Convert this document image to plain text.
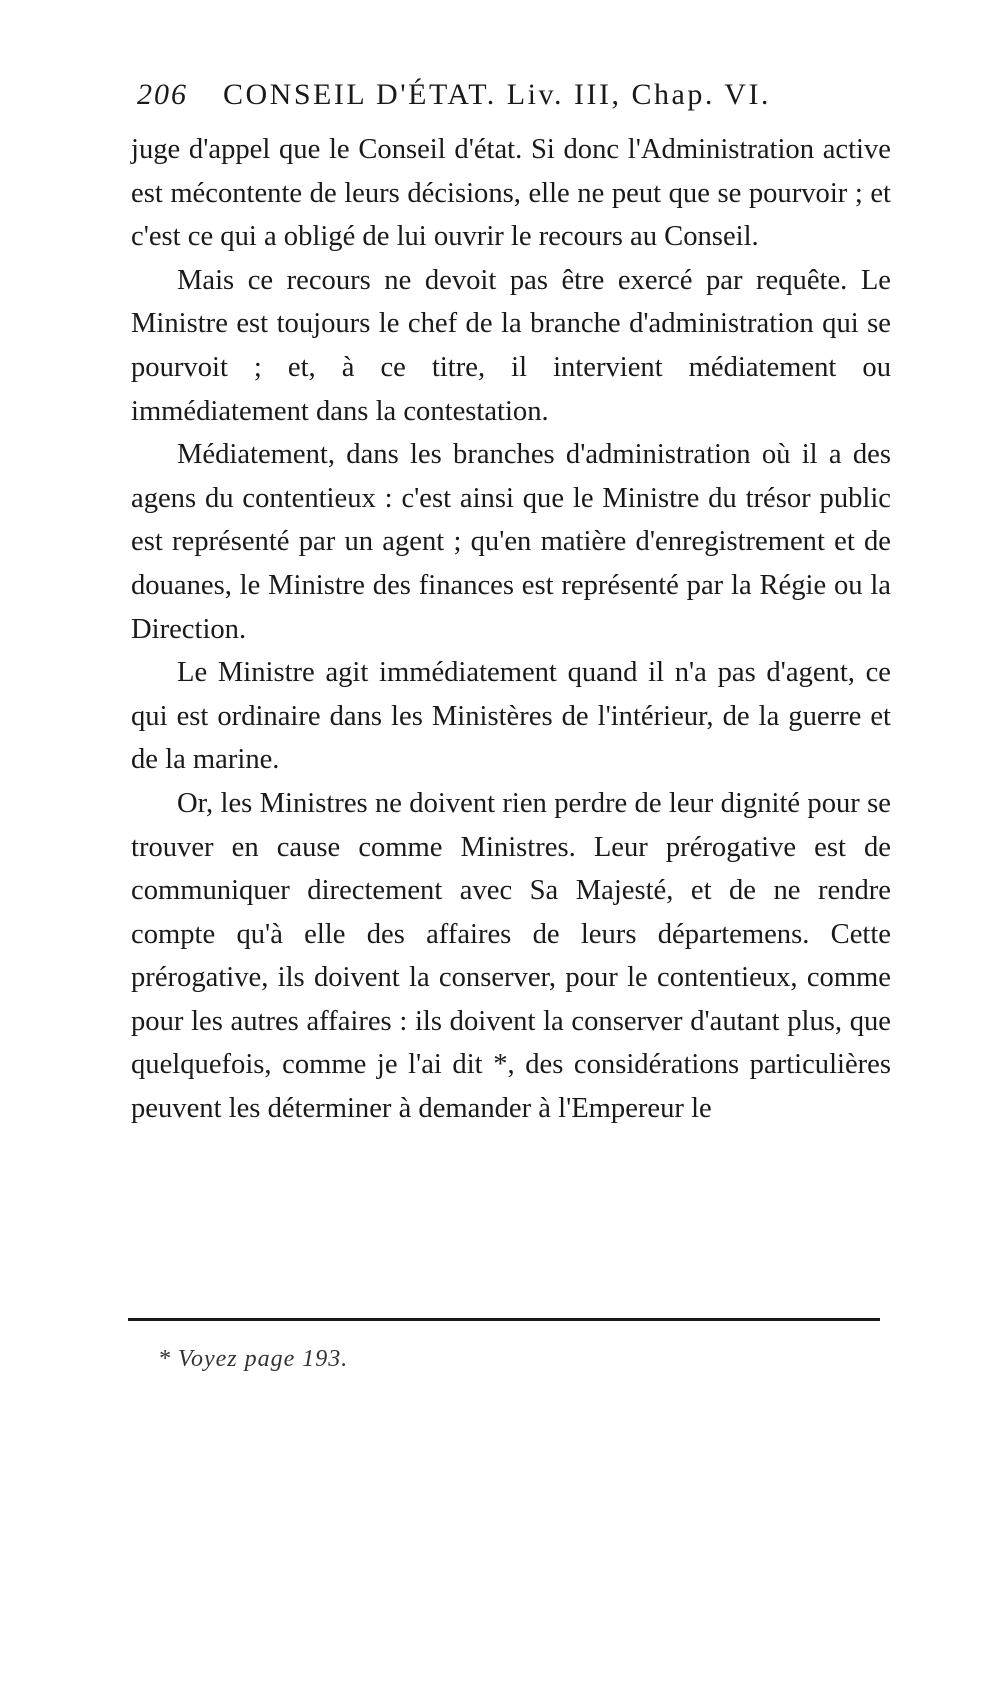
206 CONSEIL D'ÉTAT. Liv. III, Chap. VI.

juge d'appel que le Conseil d'état. Si donc l'Administration active est mécontente de leurs décisions, elle ne peut que se pourvoir ; et c'est ce qui a obligé de lui ouvrir le recours au Conseil.

Mais ce recours ne devoit pas être exercé par requête. Le Ministre est toujours le chef de la branche d'administration qui se pourvoit ; et, à ce titre, il intervient médiatement ou immédiatement dans la contestation.

Médiatement, dans les branches d'administration où il a des agens du contentieux : c'est ainsi que le Ministre du trésor public est représenté par un agent ; qu'en matière d'enregistrement et de douanes, le Ministre des finances est représenté par la Régie ou la Direction.

Le Ministre agit immédiatement quand il n'a pas d'agent, ce qui est ordinaire dans les Ministères de l'intérieur, de la guerre et de la marine.

Or, les Ministres ne doivent rien perdre de leur dignité pour se trouver en cause comme Ministres. Leur prérogative est de communiquer directement avec Sa Majesté, et de ne rendre compte qu'à elle des affaires de leurs départemens. Cette prérogative, ils doivent la conserver, pour le contentieux, comme pour les autres affaires : ils doivent la conserver d'autant plus, que quelquefois, comme je l'ai dit *, des considérations particulières peuvent les déterminer à demander à l'Empereur le

* Voyez page 193.
